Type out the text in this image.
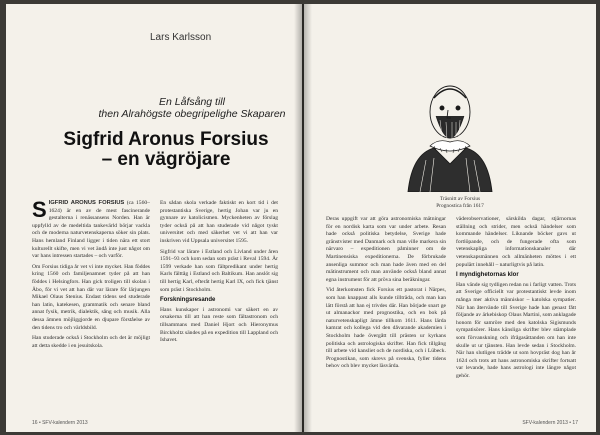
Lars Karlsson
En Låfsång till
then Alrahögste obegripelighe Skaparen
Sigfrid Aronus Forsius
– en vägröjare

SIGFRID ARONUS FORSIUS (ca 1560–1624) är en av de mest fascinerande gestalterna i renässansens Norden. Han är uppfylld av de medeltida tankevärld börjar vackla och de moderna naturvetenskaperna söker sin plats. Hans hemland Finland ligger i tiden nära ett stort kulturellt skifte, men vi vet ändå inte just något om var hans intressen startades – och varför.

Om Forsius tidiga år vet vi inte mycket. Han föddes kring 1560 och familjenamnet tyder på att han föddes i Helsingfors. Han gick troligen till skolan i Åbo, för vi vet att han där var lärare för lärjungen Mikael Olaus Stenius. Endast tidens sed studerade han latin, katekesen, grammatik och senare bland annat fysik, metrik, dialektik, sång och musik. Alla dessa ämnen möjliggjorde en djupare förståelse av den tidens tro och världsbild.

Han studerade också i Stockholm och det är möjligt att detta skedde i en jesuitskola.

En sådan skola verkade faktiskt en kort tid i det protestantiska Sverige, hertig Johan var ju en gynnare av katolicismen. Myckenheten av förslag tyder också på att han studerade vid något tyskt universitet och med säkerhet vet vi att han var inskriven vid Uppsala universitet 1595.

Sigfrid var lärare i Estland och Livland under åren 1591–93 och kom sedan som präst i Reval 1594. År 1599 verkade han som fältpredikant under hertig Karls fälttåg i Estland och Baltikum. Han anslöt sig till hertig Karl, efteråt hertig Karl IX, och fick tjänst som präst i Stockholm.

Forskningsresande

Hans kunskaper i astronomi var säkert en av orsakerna till att han reste som fältastronom och tillsammans med Daniel Hjort och Hieronymus Birckholtz sändes på en expedition till Lappland och Ishavet.

16 • SFV-kalendern 2013
Träsnitt av Forsius
Prognostica från 1617

Deras uppgift var att göra astronomiska mätningar för en nordisk karta som var under arbete. Resan hade också politiska betydelse, Sverige hade gränstvister med Danmark och man ville markera sin närvaro – expeditionen påminner om de Martinensiska expeditionerna. De förbrukade ansenliga summor och man hade även med en del mätinstrument och man använde också bland annat egna instrument för att pröva sina beräkningar.

Vid återkomsten fick Forsius ett pastorat i Närpes, som han knappast alls kunde tillträda, och man kan lätt förstå att han ej trivdes där. Han började snart ge ut almanackor med prognostika, och en bok på naturvetenskapligt ämne tillkom 1611. Hans lärda kamrat och kollega vid den dåvarande akademien i Stockholm hade övergått till prästen ur kyrkans politiska och astrologiska skrifter. Han fick tillgång till arbete vid kansliet och de nordiska, och i Lübeck. Prognostikan, som skrevs på svenska, fyller tidens behov och blev mycket läsvärda.

väderobservationer, särskilda dagar, stjärnornas ställning och strider, men också händelser som kommande händelser. Liknande böcker gavs ut fortlöpande, och de fungerade ofta som vetenskapliga informationskanaler där vetenskapsmännen och allmänheten möttes i ett populärt innehåll – naturligtvis på latin.

I myndighetornas klor

Han vände sig tydligen redan nu i farligt vatten. Trots att Sverige officiellt var protestantiskt levde inom många mer aktiva människor – katolska sympatier. När han återvände till Sverige hade han genast fått följande av ärkebiskop Olaus Martini, som anklagade honom för samröre med den katolska Sigismunds sympatisörer. Hans känsliga skrifter blev stämplade som förvanskning och ifrågasättanden om han inte skulle ut ur tjänsten. Han levde sedan i Stockholm. När han slutligen trädde ut som hovpräst dog han år 1624 och trots att hans astronomiska skrifter fortsatt var levande, hade hans astrologi inte längre något gehör.

SFV-kalendern 2013 • 17
